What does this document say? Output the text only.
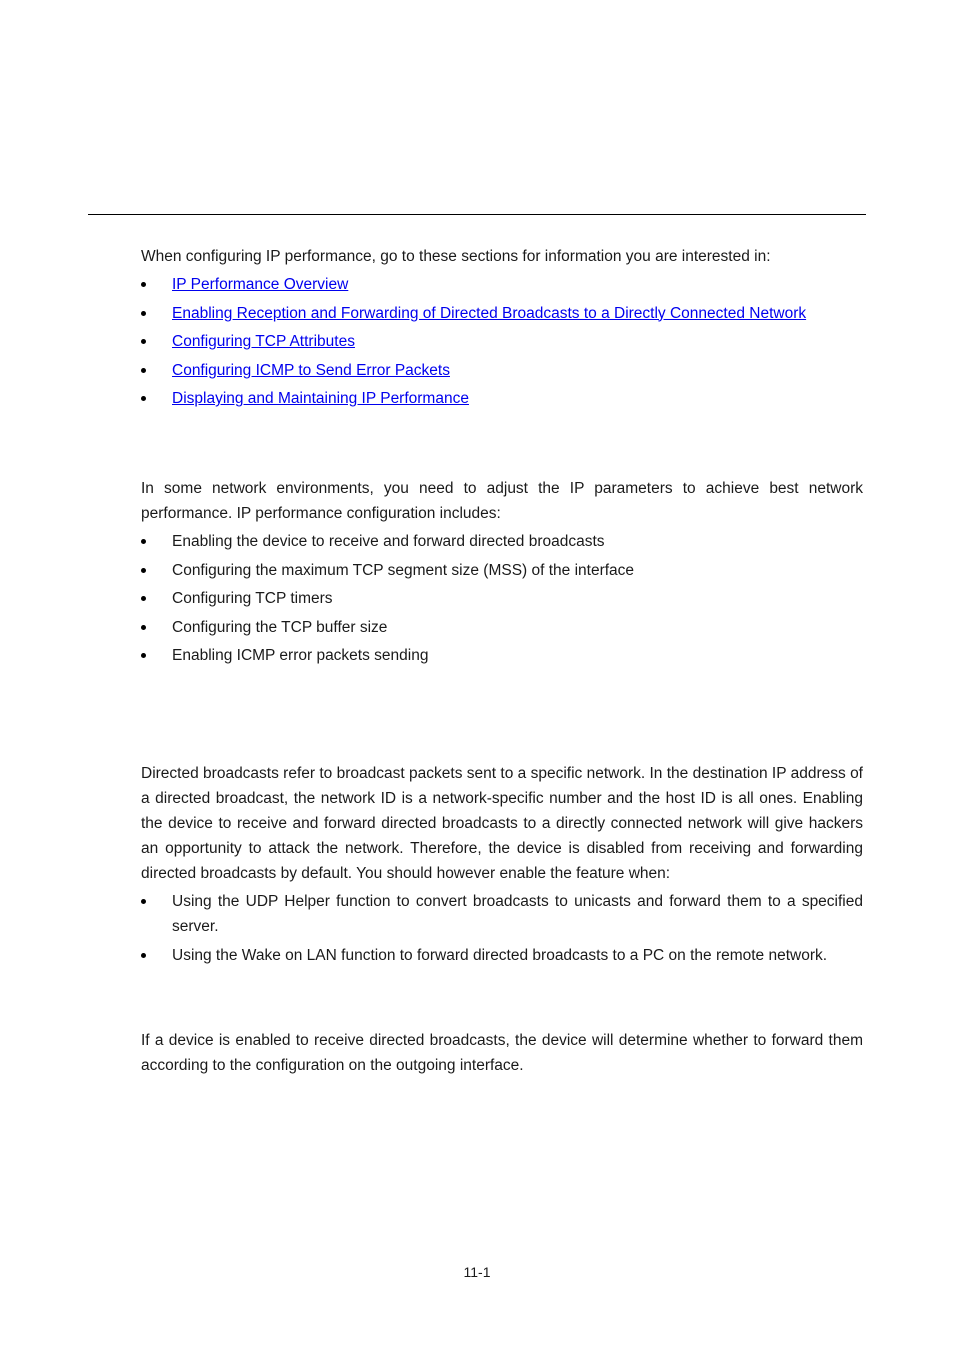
When configuring IP performance, go to these sections for information you are interested in:

IP Performance Overview
Enabling Reception and Forwarding of Directed Broadcasts to a Directly Connected Network
Configuring TCP Attributes
Configuring ICMP to Send Error Packets
Displaying and Maintaining IP Performance

In some network environments, you need to adjust the IP parameters to achieve best network performance. IP performance configuration includes:

Enabling the device to receive and forward directed broadcasts
Configuring the maximum TCP segment size (MSS) of the interface
Configuring TCP timers
Configuring the TCP buffer size
Enabling ICMP error packets sending

Directed broadcasts refer to broadcast packets sent to a specific network. In the destination IP address of a directed broadcast, the network ID is a network-specific number and the host ID is all ones. Enabling the device to receive and forward directed broadcasts to a directly connected network will give hackers an opportunity to attack the network. Therefore, the device is disabled from receiving and forwarding directed broadcasts by default. You should however enable the feature when:

Using the UDP Helper function to convert broadcasts to unicasts and forward them to a specified server.
Using the Wake on LAN function to forward directed broadcasts to a PC on the remote network.

If a device is enabled to receive directed broadcasts, the device will determine whether to forward them according to the configuration on the outgoing interface.

11-1
